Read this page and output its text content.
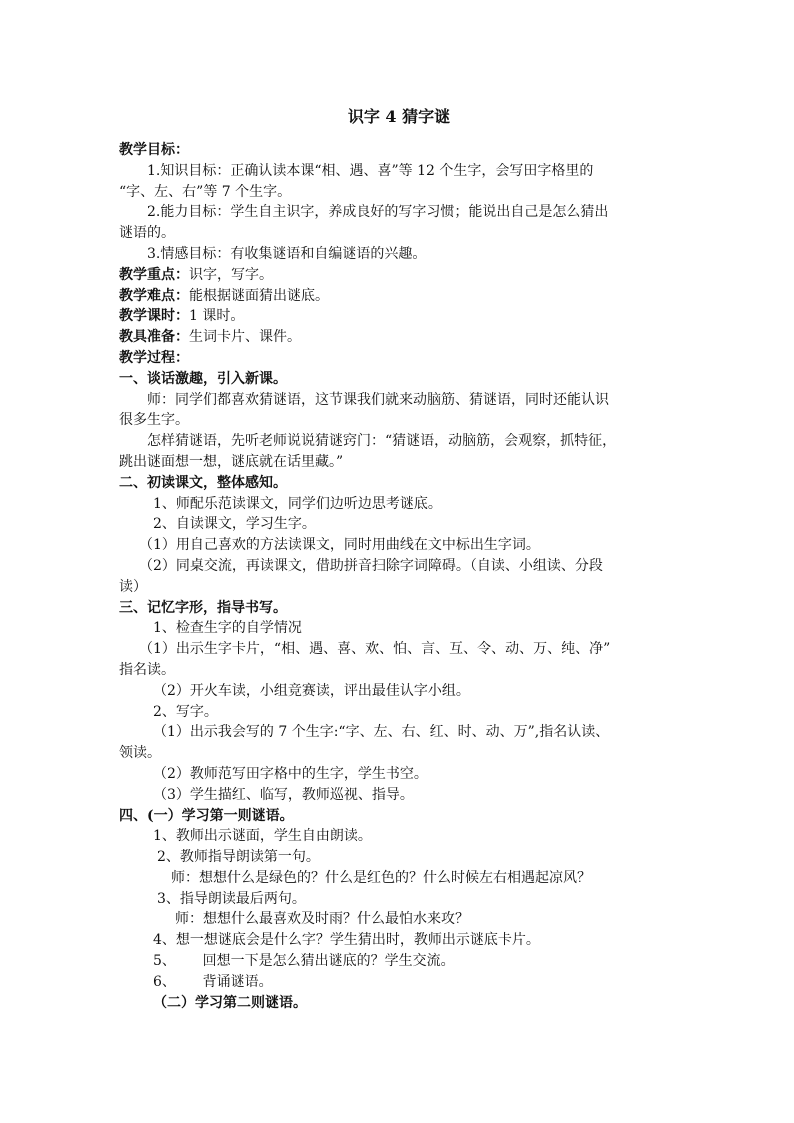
识字 4 猜字谜
教学目标：
1.知识目标：正确认读本课“相、遇、喜”等 12 个生字，会写田字格里的
“字、左、右”等 7 个生字。
2.能力目标：学生自主识字，养成良好的写字习惯；能说出自己是怎么猜出
谜语的。
3.情感目标：有收集谜语和自编谜语的兴趣。
教学重点：识字，写字。
教学难点：能根据谜面猜出谜底。
教学课时：1 课时。
教具准备：生词卡片、课件。
教学过程：
一、谈话激趣，引入新课。
师：同学们都喜欢猜谜语，这节课我们就来动脑筋、猜谜语，同时还能认识
很多生字。
怎样猜谜语，先听老师说说猜谜窍门：“猜谜语，动脑筋，会观察，抓特征，
跳出谜面想一想，谜底就在话里藏。”
二、初读课文，整体感知。
1、师配乐范读课文，同学们边听边思考谜底。
2、自读课文，学习生字。
（1）用自己喜欢的方法读课文，同时用曲线在文中标出生字词。
（2）同桌交流，再读课文，借助拼音扫除字词障碍。（自读、小组读、分段
读）
三、记忆字形，指导书写。
1、检查生字的自学情况
（1）出示生字卡片，“相、遇、喜、欢、怕、言、互、令、动、万、纯、净”
指名读。
（2）开火车读，小组竞赛读，评出最佳认字小组。
2、写字。
（1）出示我会写的 7 个生字:“字、左、右、红、时、动、万”,指名认读、
领读。
（2）教师范写田字格中的生字，学生书空。
（3）学生描红、临写，教师巡视、指导。
四、(一）学习第一则谜语。
1、教师出示谜面，学生自由朗读。
2、教师指导朗读第一句。
师：想想什么是绿色的？什么是红色的？什么时候左右相遇起凉风？
3、指导朗读最后两句。
师：想想什么最喜欢及时雨？什么最怕水来攻？
4、想一想谜底会是什么字？学生猜出时，教师出示谜底卡片。
5、      回想一下是怎么猜出谜底的？学生交流。
6、      背诵谜语。
（二）学习第二则谜语。
